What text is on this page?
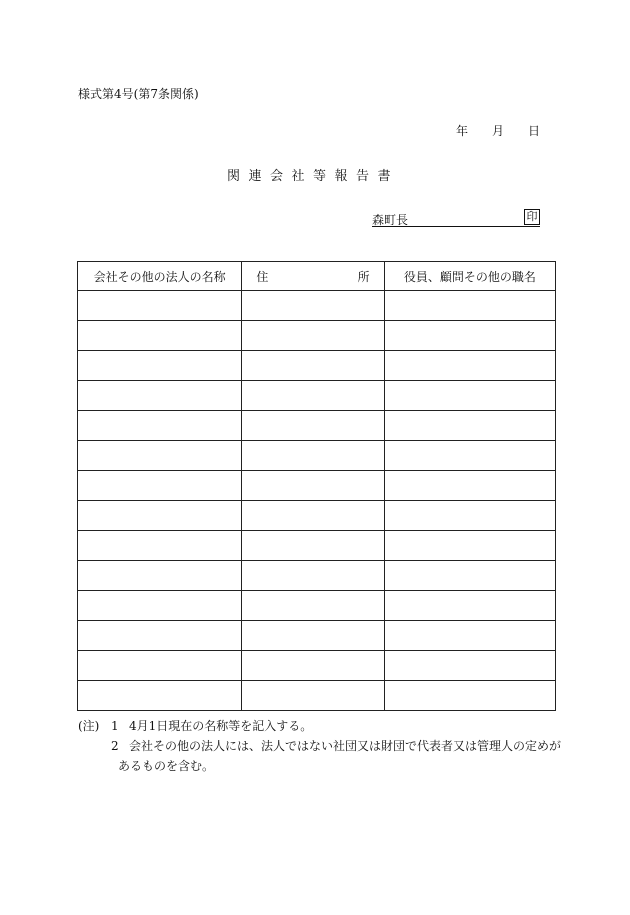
様式第4号(第7条関係)
年 月 日
関連会社等報告書
森町長	印
会社その他の法人の名称	住 所	役員、顧問その他の職名

(注) 1 4月1日現在の名称等を記入する。
2 会社その他の法人には、法人ではない社団又は財団で代表者又は管理人の定めが
あるものを含む。
